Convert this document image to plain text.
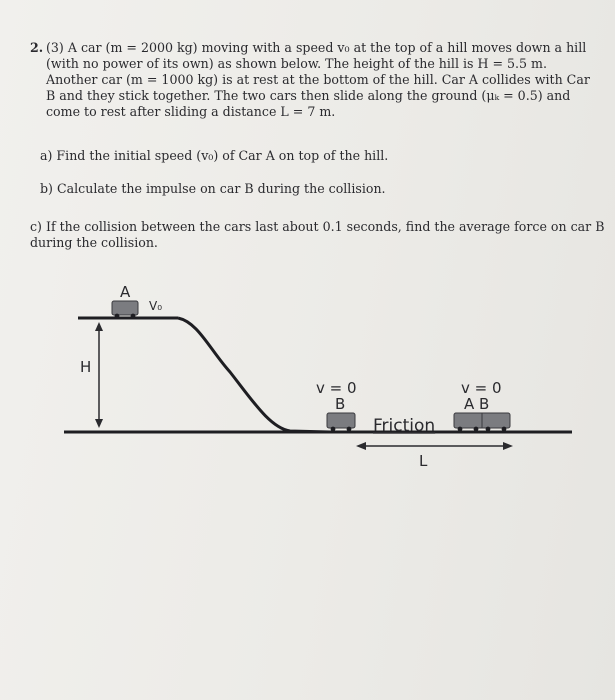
2. (3) A car (m = 2000 kg) moving with a speed v₀ at the top of a hill moves down a hill (with no power of its own) as shown below. The height of the hill is H = 5.5 m. Another car (m = 1000 kg) is at rest at the bottom of the hill. Car A collides with Car B and they stick together. The two cars then slide along the ground (μₖ = 0.5) and come to rest after sliding a distance L = 7 m.
a) Find the initial speed (v₀) of Car A on top of the hill.
b) Calculate the impulse on car B during the collision.
c) If the collision between the cars last about 0.1 seconds, find the average force on car B during the collision.
H
A
V₀
v = 0
B
Friction
v = 0
A B
L
